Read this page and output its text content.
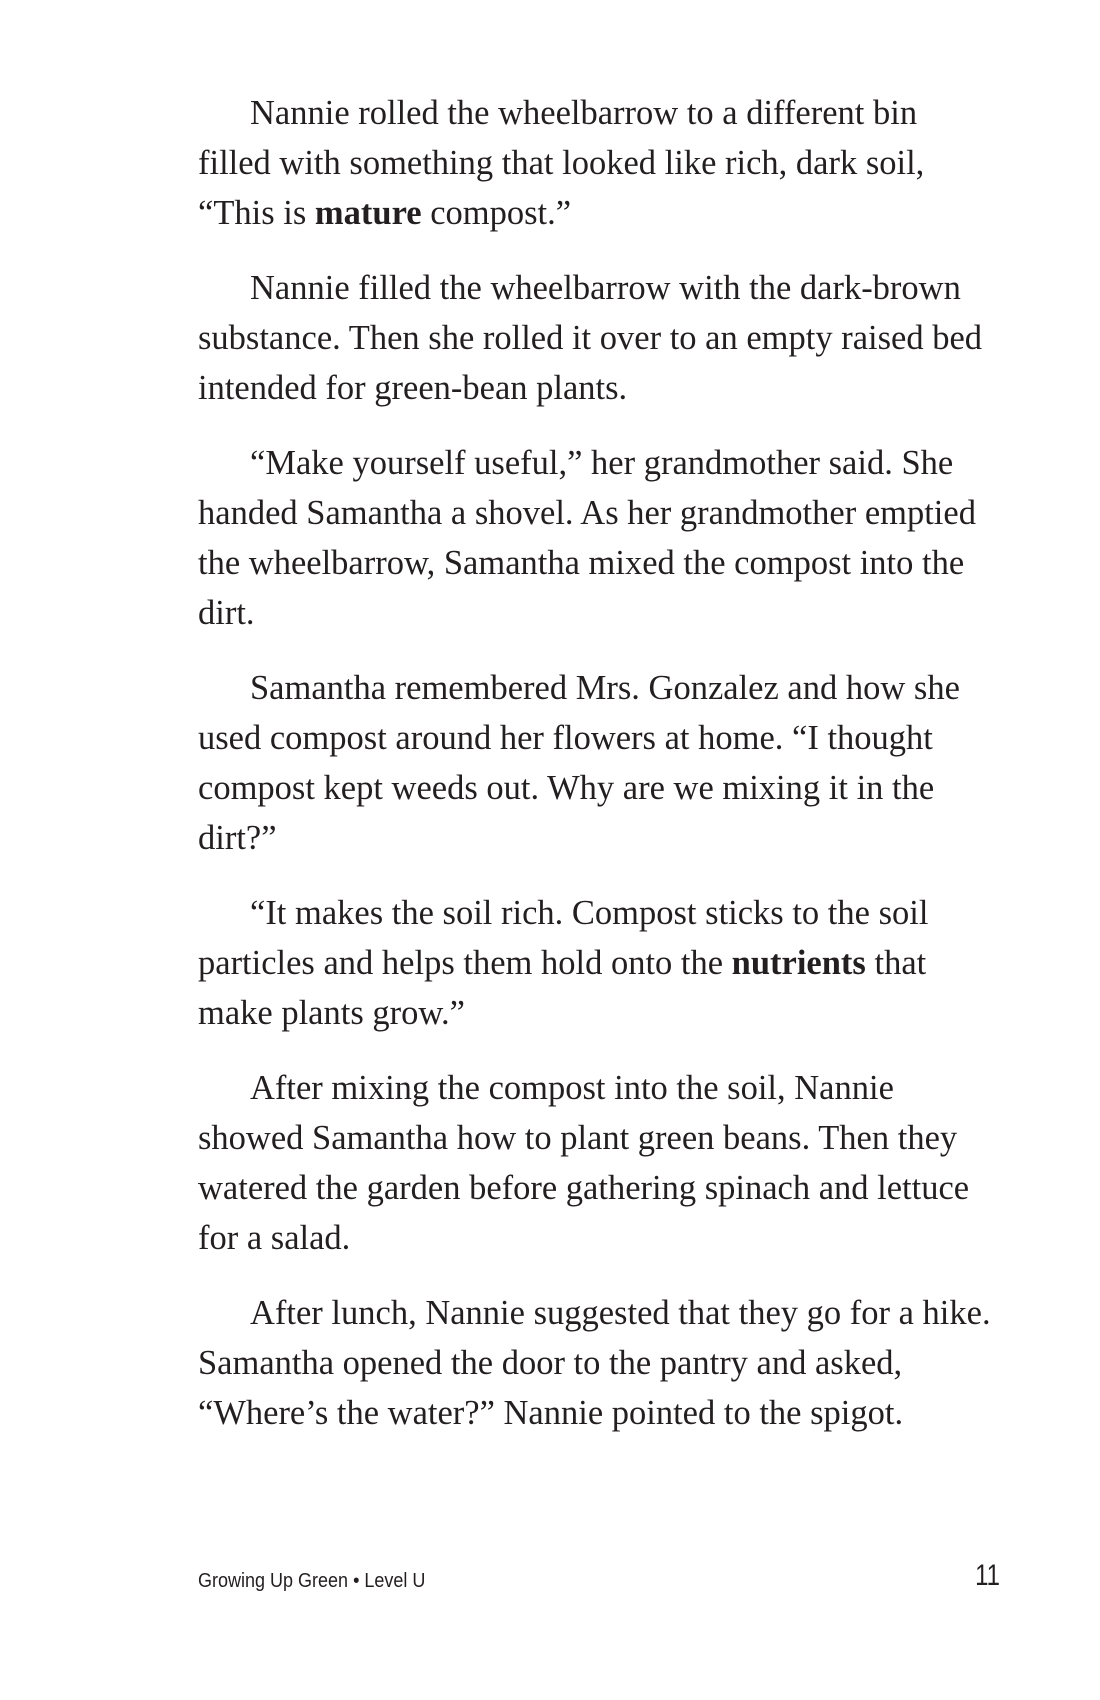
Nannie rolled the wheelbarrow to a different bin filled with something that looked like rich, dark soil, “This is mature compost.”

Nannie filled the wheelbarrow with the dark-brown substance. Then she rolled it over to an empty raised bed intended for green-bean plants.

“Make yourself useful,” her grandmother said. She handed Samantha a shovel. As her grandmother emptied the wheelbarrow, Samantha mixed the compost into the dirt.

Samantha remembered Mrs. Gonzalez and how she used compost around her flowers at home. “I thought compost kept weeds out. Why are we mixing it in the dirt?”

“It makes the soil rich. Compost sticks to the soil particles and helps them hold onto the nutrients that make plants grow.”

After mixing the compost into the soil, Nannie showed Samantha how to plant green beans. Then they watered the garden before gathering spinach and lettuce for a salad.

After lunch, Nannie suggested that they go for a hike. Samantha opened the door to the pantry and asked, “Where’s the water?” Nannie pointed to the spigot.

Growing Up Green • Level U	11
